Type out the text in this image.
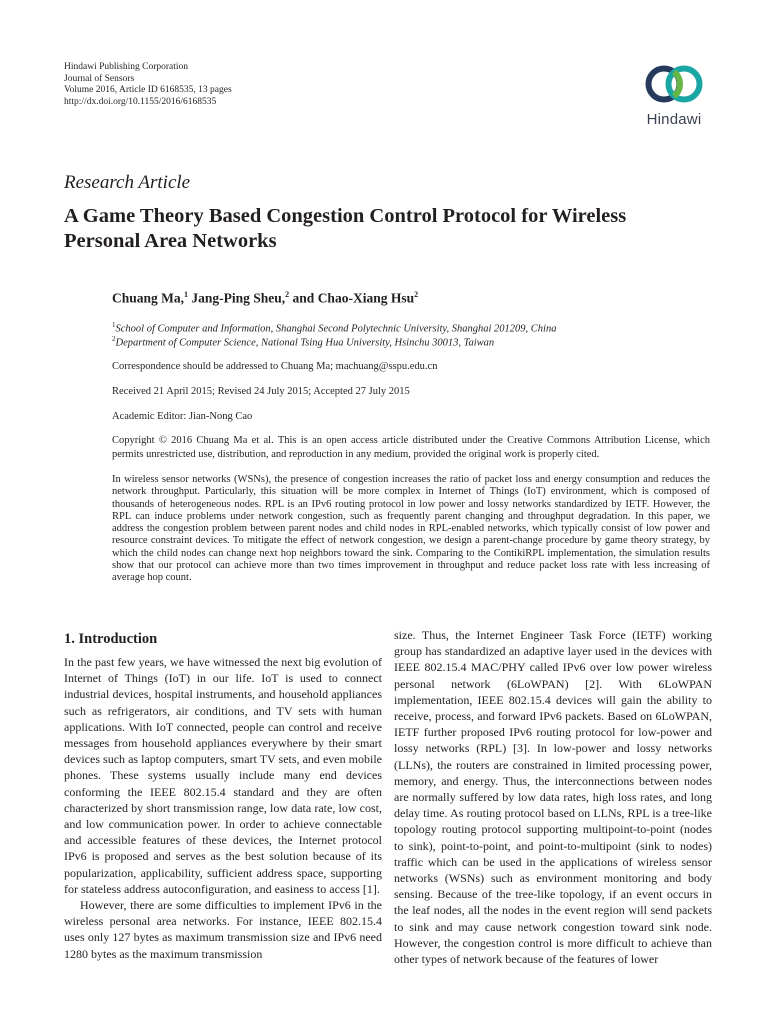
Hindawi Publishing Corporation
Journal of Sensors
Volume 2016, Article ID 6168535, 13 pages
http://dx.doi.org/10.1155/2016/6168535
Hindawi
Research Article
A Game Theory Based Congestion Control Protocol for Wireless Personal Area Networks
Chuang Ma,$^1$ Jang-Ping Sheu,$^2$ and Chao-Xiang Hsu$^2$
$^1$School of Computer and Information, Shanghai Second Polytechnic University, Shanghai 201209, China
$^2$Department of Computer Science, National Tsing Hua University, Hsinchu 30013, Taiwan
Correspondence should be addressed to Chuang Ma; machuang@sspu.edu.cn
Received 21 April 2015; Revised 24 July 2015; Accepted 27 July 2015
Academic Editor: Jian-Nong Cao
Copyright © 2016 Chuang Ma et al. This is an open access article distributed under the Creative Commons Attribution License, which permits unrestricted use, distribution, and reproduction in any medium, provided the original work is properly cited.

In wireless sensor networks (WSNs), the presence of congestion increases the ratio of packet loss and energy consumption and reduces the network throughput. Particularly, this situation will be more complex in Internet of Things (IoT) environment, which is composed of thousands of heterogeneous nodes. RPL is an IPv6 routing protocol in low power and lossy networks standardized by IETF. However, the RPL can induce problems under network congestion, such as frequently parent changing and throughput degradation. In this paper, we address the congestion problem between parent nodes and child nodes in RPL-enabled networks, which typically consist of low power and resource constraint devices. To mitigate the effect of network congestion, we design a parent-change procedure by game theory strategy, by which the child nodes can change next hop neighbors toward the sink. Comparing to the ContikiRPL implementation, the simulation results show that our protocol can achieve more than two times improvement in throughput and reduce packet loss rate with less increasing of average hop count.

1. Introduction

In the past few years, we have witnessed the next big evolution of Internet of Things (IoT) in our life. IoT is used to connect industrial devices, hospital instruments, and household appliances such as refrigerators, air conditions, and TV sets with human applications. With IoT connected, people can control and receive messages from household appliances everywhere by their smart devices such as laptop computers, smart TV sets, and even mobile phones. These systems usually include many end devices conforming the IEEE 802.15.4 standard and they are often characterized by short transmission range, low data rate, low cost, and low communication power. In order to achieve connectable and accessible features of these devices, the Internet protocol IPv6 is proposed and serves as the best solution because of its popularization, applicability, sufficient address space, supporting for stateless address autoconfiguration, and easiness to access [1].

However, there are some difficulties to implement IPv6 in the wireless personal area networks. For instance, IEEE 802.15.4 uses only 127 bytes as maximum transmission size and IPv6 need 1280 bytes as the maximum transmission

size. Thus, the Internet Engineer Task Force (IETF) working group has standardized an adaptive layer used in the devices with IEEE 802.15.4 MAC/PHY called IPv6 over low power wireless personal network (6LoWPAN) [2]. With 6LoWPAN implementation, IEEE 802.15.4 devices will gain the ability to receive, process, and forward IPv6 packets. Based on 6LoWPAN, IETF further proposed IPv6 routing protocol for low-power and lossy networks (RPL) [3]. In low-power and lossy networks (LLNs), the routers are constrained in limited processing power, memory, and energy. Thus, the interconnections between nodes are normally suffered by low data rates, high loss rates, and long delay time. As routing protocol based on LLNs, RPL is a tree-like topology routing protocol supporting multipoint-to-point (nodes to sink), point-to-point, and point-to-multipoint (sink to nodes) traffic which can be used in the applications of wireless sensor networks (WSNs) such as environment monitoring and body sensing. Because of the tree-like topology, if an event occurs in the leaf nodes, all the nodes in the event region will send packets to sink and may cause network congestion toward sink node. However, the congestion control is more difficult to achieve than other types of network because of the features of lower
